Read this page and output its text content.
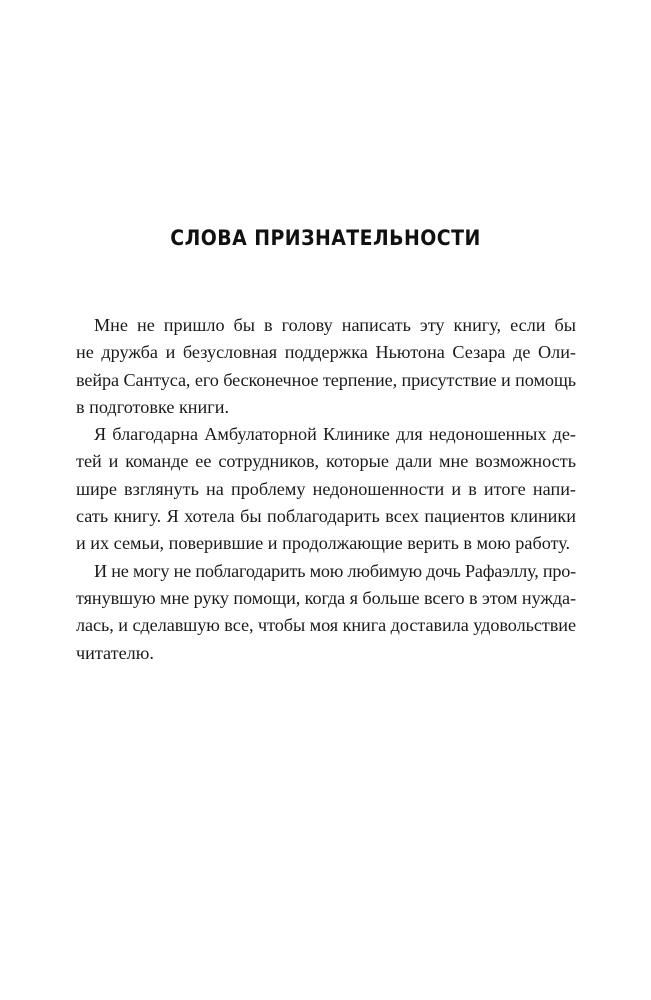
СЛОВА ПРИЗНАТЕЛЬНОСТИ
Мне не пришло бы в голову написать эту книгу, если бы
не дружба и безусловная поддержка Ньютона Сезара де Оли-
вейра Сантуса, его бесконечное терпение, присутствие и помощь
в подготовке книги.
Я благодарна Амбулаторной Клинике для недоношенных де-
тей и команде ее сотрудников, которые дали мне возможность
шире взглянуть на проблему недоношенности и в итоге напи-
сать книгу. Я хотела бы поблагодарить всех пациентов клиники
и их семьи, поверившие и продолжающие верить в мою работу.
И не могу не поблагодарить мою любимую дочь Рафаэллу, про-
тянувшую мне руку помощи, когда я больше всего в этом нужда-
лась, и сделавшую все, чтобы моя книга доставила удовольствие
читателю.
